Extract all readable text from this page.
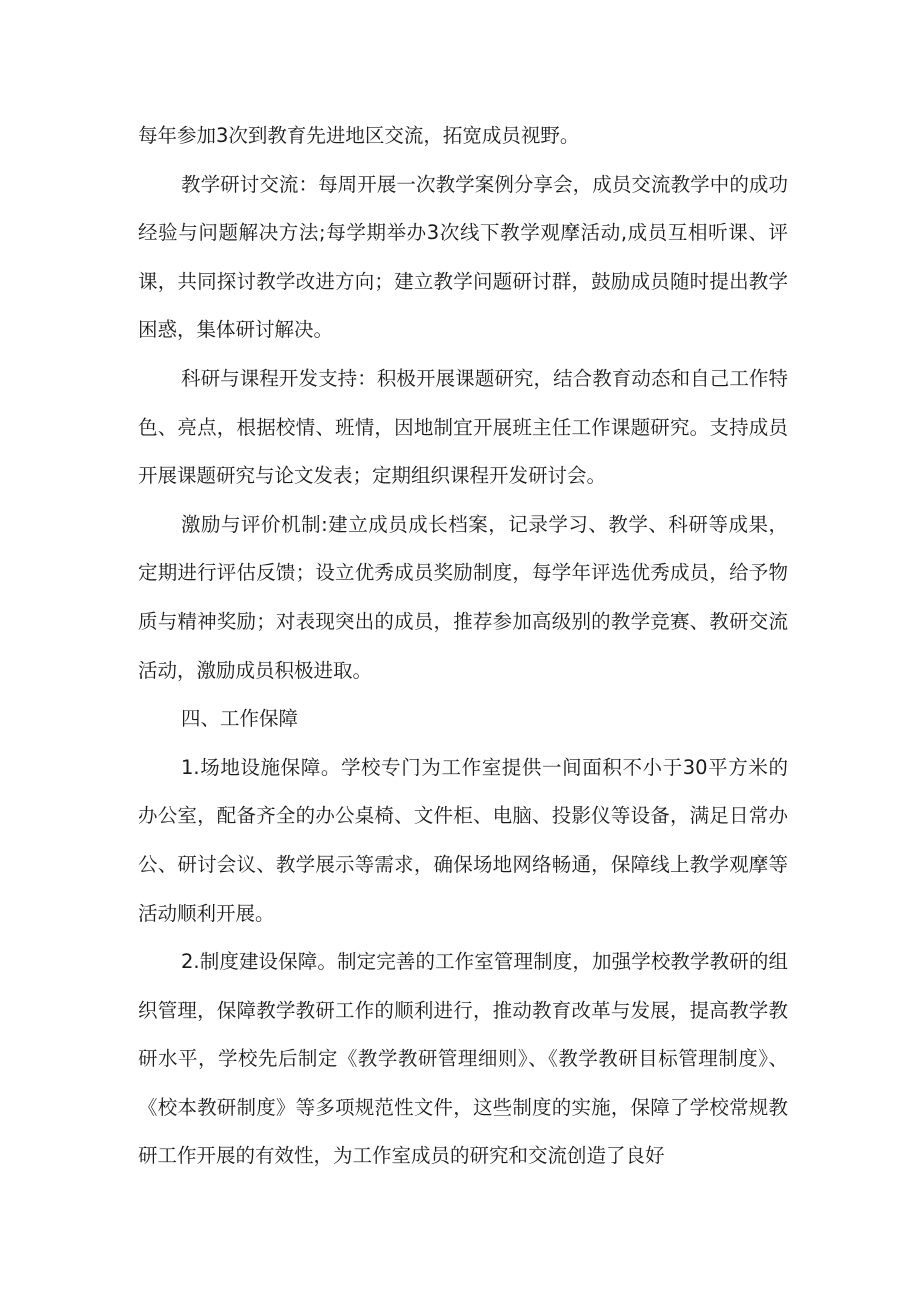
每年参加3次到教育先进地区交流，拓宽成员视野。

教学研讨交流：每周开展一次教学案例分享会，成员交流教学中的成功经验与问题解决方法;每学期举办3次线下教学观摩活动,成员互相听课、评课，共同探讨教学改进方向；建立教学问题研讨群，鼓励成员随时提出教学困惑，集体研讨解决。

科研与课程开发支持：积极开展课题研究，结合教育动态和自己工作特色、亮点，根据校情、班情，因地制宜开展班主任工作课题研究。支持成员开展课题研究与论文发表；定期组织课程开发研讨会。

激励与评价机制:建立成员成长档案，记录学习、教学、科研等成果，定期进行评估反馈；设立优秀成员奖励制度，每学年评选优秀成员，给予物质与精神奖励；对表现突出的成员，推荐参加高级别的教学竞赛、教研交流活动，激励成员积极进取。

四、工作保障

1.场地设施保障。学校专门为工作室提供一间面积不小于30平方米的办公室，配备齐全的办公桌椅、文件柜、电脑、投影仪等设备，满足日常办公、研讨会议、教学展示等需求，确保场地网络畅通，保障线上教学观摩等活动顺利开展。

2.制度建设保障。制定完善的工作室管理制度，加强学校教学教研的组织管理，保障教学教研工作的顺利进行，推动教育改革与发展，提高教学教研水平，学校先后制定《教学教研管理细则》、《教学教研目标管理制度》、《校本教研制度》等多项规范性文件，这些制度的实施，保障了学校常规教研工作开展的有效性，为工作室成员的研究和交流创造了良好
